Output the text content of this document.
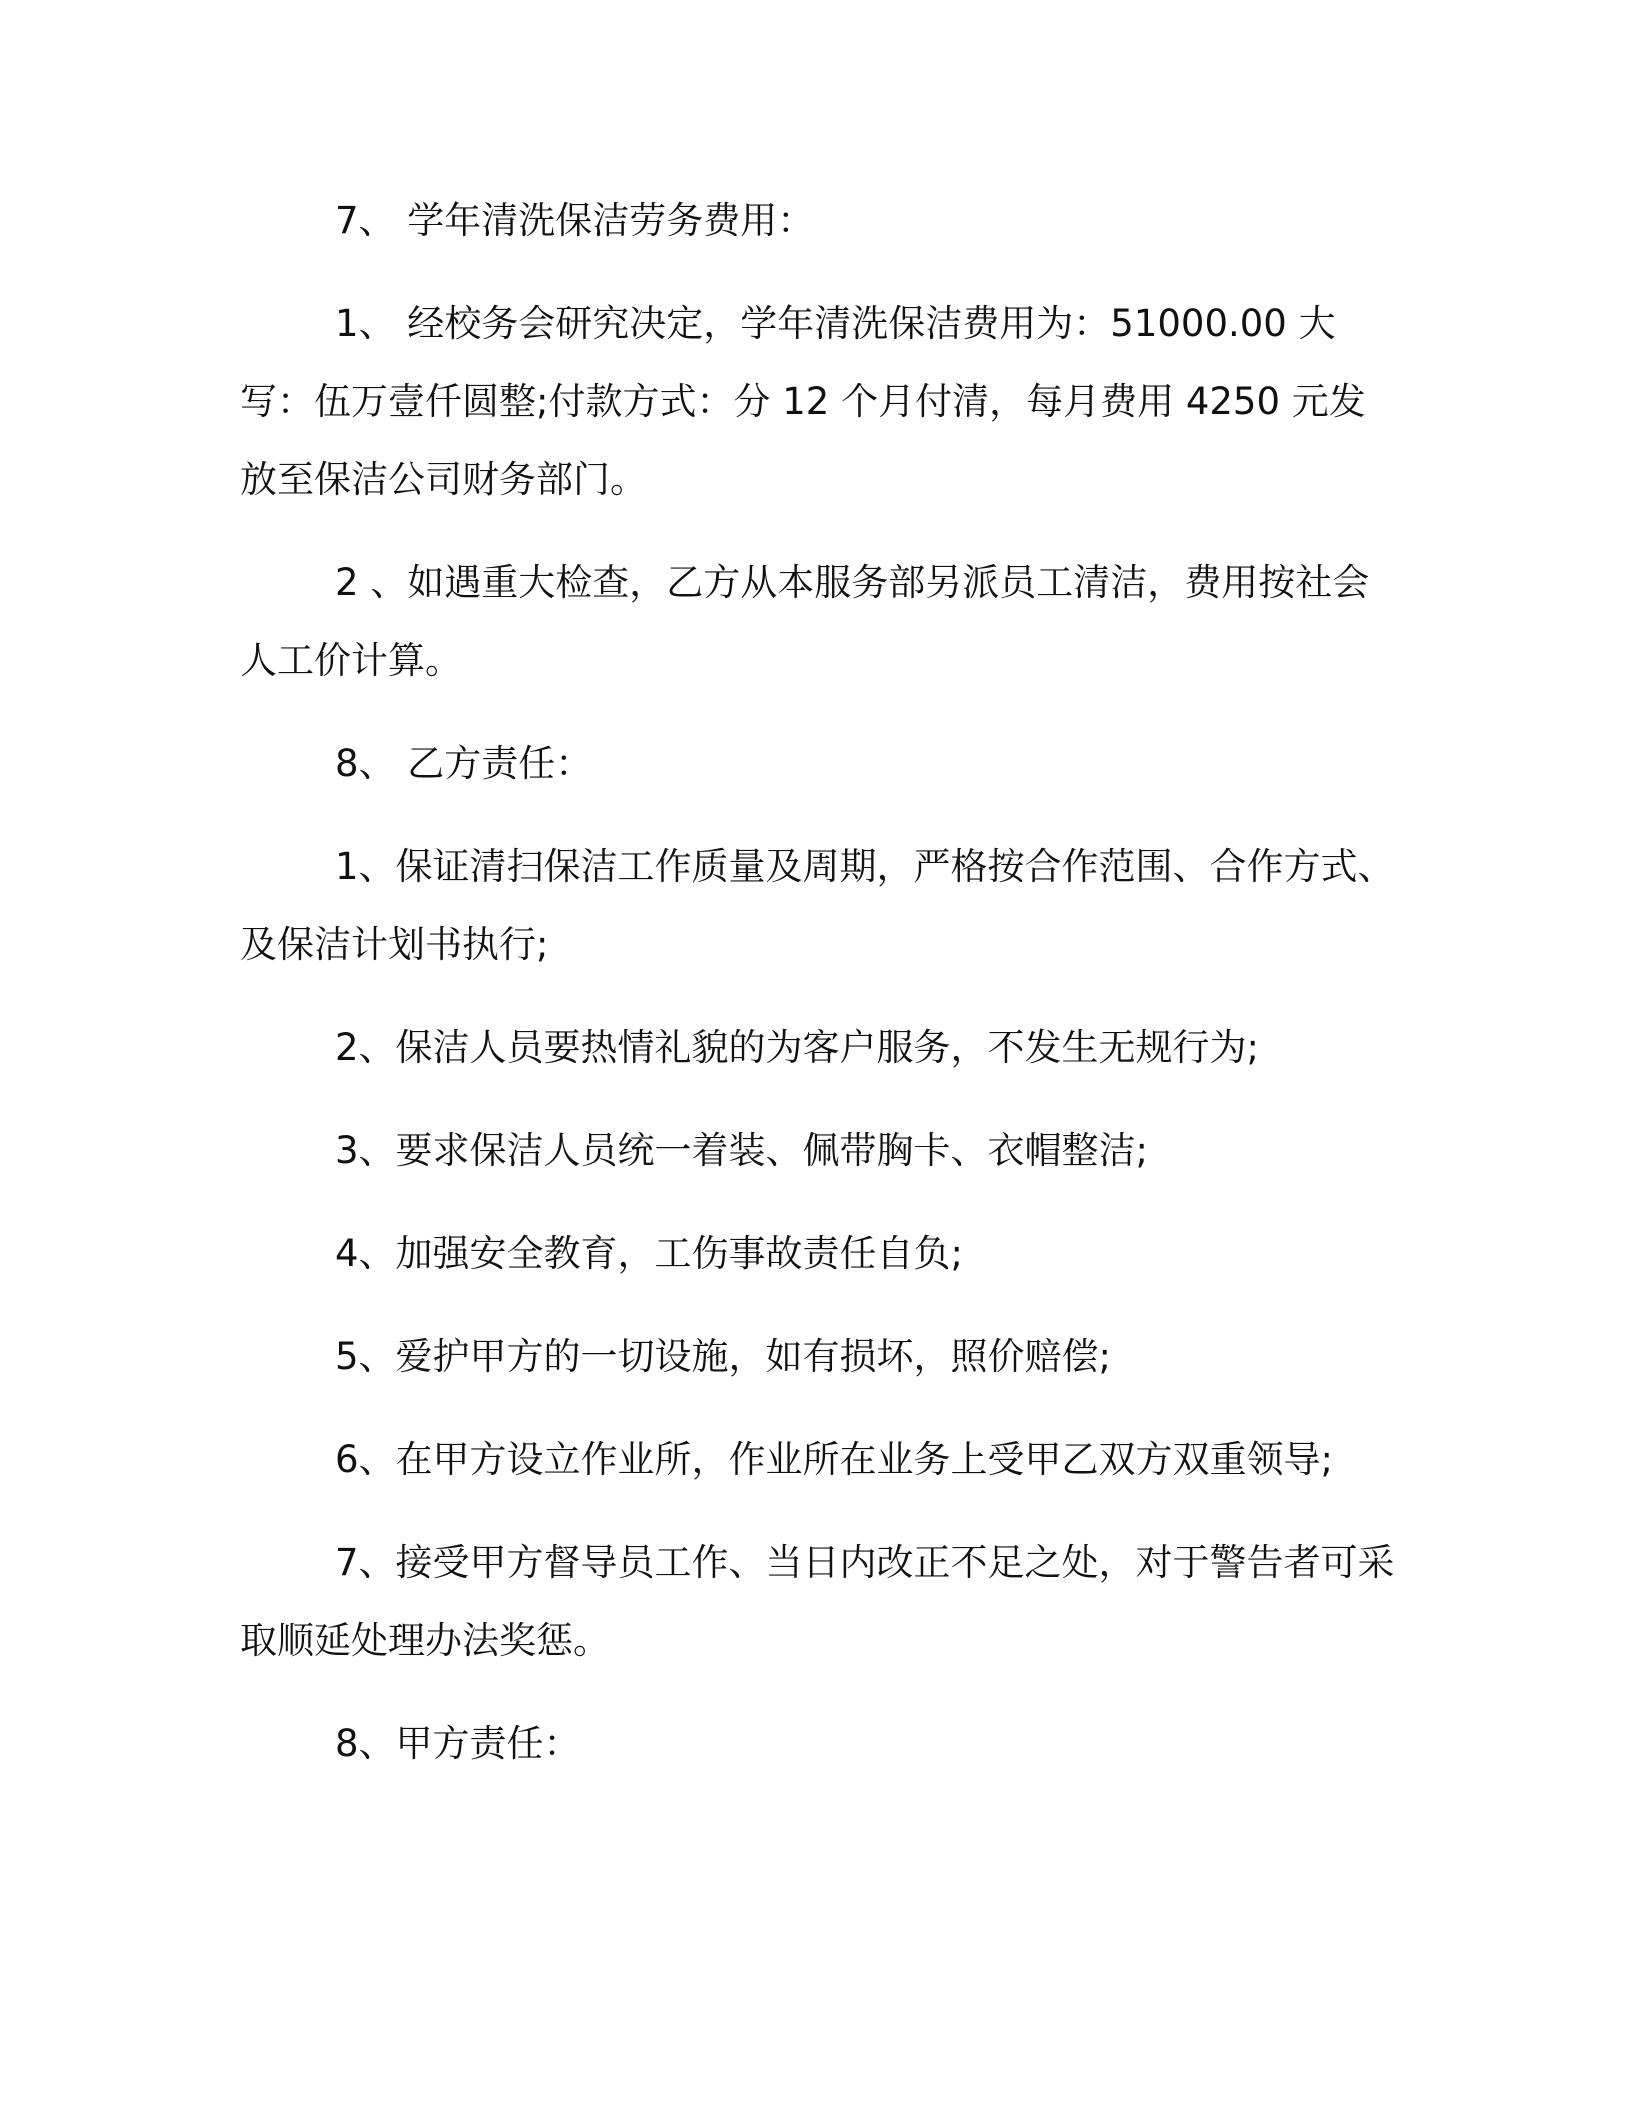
7、 学年清洗保洁劳务费用：

1、 经校务会研究决定，学年清洗保洁费用为：51000.00 大写：伍万壹仟圆整;付款方式：分 12 个月付清，每月费用 4250 元发放至保洁公司财务部门。

2 、如遇重大检查，乙方从本服务部另派员工清洁，费用按社会人工价计算。

8、 乙方责任：

1、保证清扫保洁工作质量及周期，严格按合作范围、合作方式、及保洁计划书执行;

2、保洁人员要热情礼貌的为客户服务，不发生无规行为;

3、要求保洁人员统一着装、佩带胸卡、衣帽整洁;

4、加强安全教育，工伤事故责任自负;

5、爱护甲方的一切设施，如有损坏，照价赔偿;

6、在甲方设立作业所，作业所在业务上受甲乙双方双重领导;

7、接受甲方督导员工作、当日内改正不足之处，对于警告者可采取顺延处理办法奖惩。

8、甲方责任：
